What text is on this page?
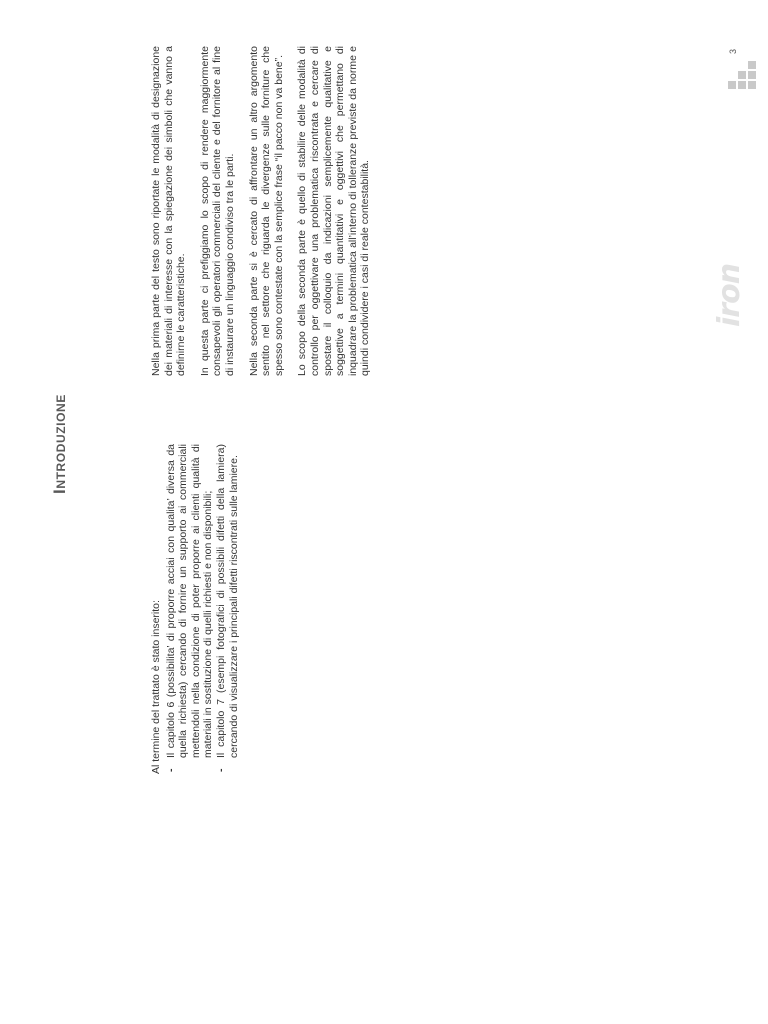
Introduzione

Nella prima parte del testo sono riportate le modalità di designazione dei materiali di interesse con la spiegazione dei simboli che vanno a definirne le caratteristiche. In questa parte ci prefiggiamo lo scopo di rendere maggiormente consapevoli gli operatori commerciali del cliente e del fornitore al fine di instaurare un linguaggio condiviso tra le parti. Nella seconda parte si è cercato di affrontare un altro argomento sentito nel settore che riguarda le divergenze sulle forniture che spesso sono contestate con la semplice frase “il pacco non va bene”. Lo scopo della seconda parte è quello di stabilire delle modalità di controllo per oggettivare una problematica riscontrata e cercare di spostare il colloquio da indicazioni semplicemente qualitative e soggettive a termini quantitativi e oggettivi che permettano di inquadrare la problematica all’interno di tolleranze previste da norme e quindi condividere i casi di reale contestabilità.

Al termine del trattato è stato inserito: - Il capitolo 6 (possibilita’ di proporre acciai con qualita’ diversa da quella richiesta) cercando di fornire un supporto ai commerciali mettendoli nella condizione di poter proporre ai clienti qualità di materiali in sostituzione di quelli richiesti e non disponibili; - Il capitolo 7 (esempi fotografici di possibili difetti della lamiera) cercando di visualizzare i principali difetti riscontrati sulle lamiere.
iron
3
